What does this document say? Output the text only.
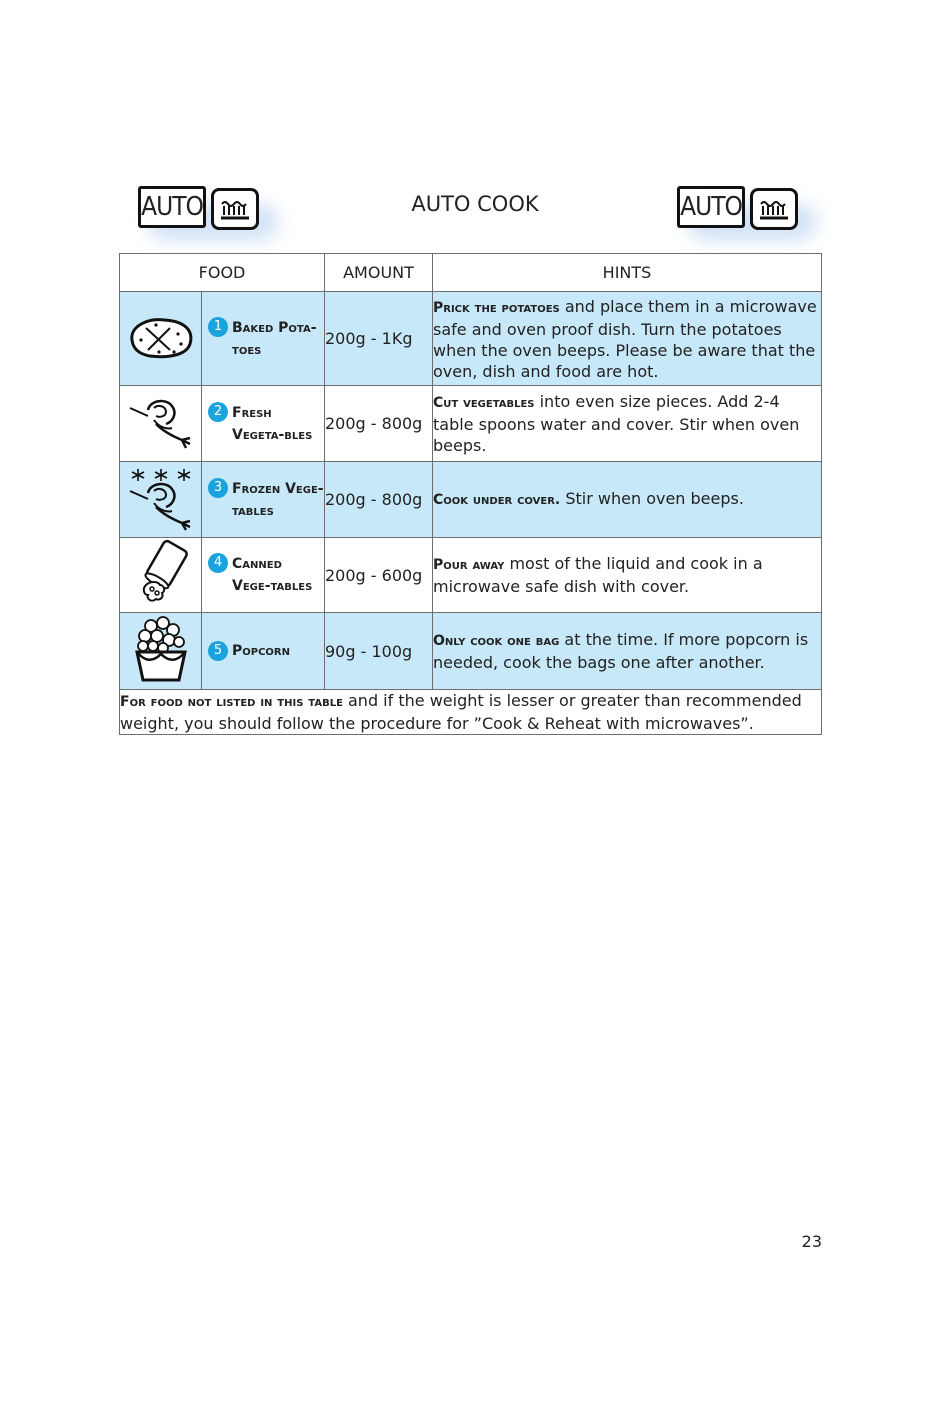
AUTO	AUTO COOK	AUTO
FOOD		AMOUNT	HINTS

1 Baked Pota-toes	200g - 1Kg	Prick the potatoes and place them in a microwave safe and oven proof dish. Turn the potatoes when the oven beeps. Please be aware that the oven, dish and food are hot.

2 Fresh Vegeta-bles	200g - 800g	Cut vegetables into even size pieces. Add 2-4 table spoons water and cover. Stir when oven beeps.

3 Frozen Vege-tables	200g - 800g	Cook under cover. Stir when oven beeps.

4 Canned Vege-tables	200g - 600g	Pour away most of the liquid and cook in a microwave safe dish with cover.

5 Popcorn	90g - 100g	Only cook one bag at the time. If more popcorn is needed, cook the bags one after another.
For food not listed in this table and if the weight is lesser or greater than recommended weight, you should follow the procedure for ”Cook & Reheat with microwaves”.			
23
